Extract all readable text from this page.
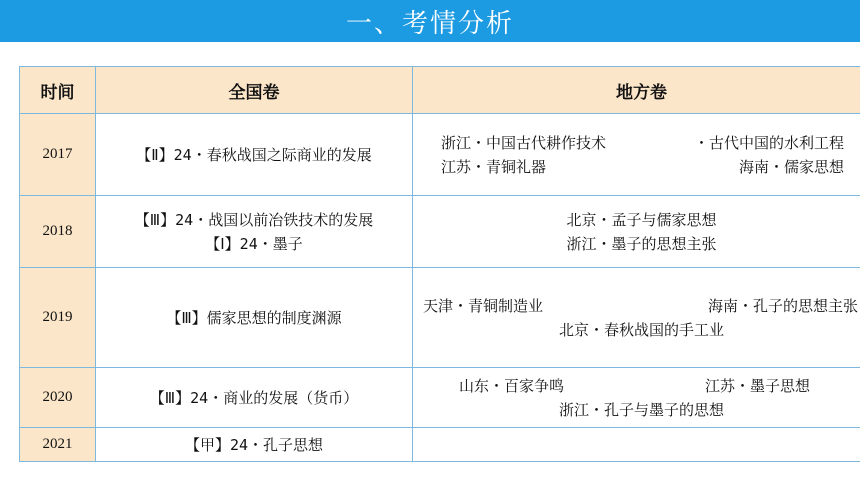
一、考情分析
时间	全国卷	地方卷
2017	【Ⅱ】24・春秋战国之际商业的发展	浙江・中国古代耕作技术 ・古代中国的水利工程
江苏・青铜礼器 海南・儒家思想

2018	【Ⅲ】24・战国以前冶铁技术的发展
【Ⅰ】24・墨子	北京・孟子与儒家思想
浙江・墨子的思想主张

2019	【Ⅲ】儒家思想的制度渊源	天津・青铜制造业 海南・孔子的思想主张
北京・春秋战国的手工业

2020	【Ⅲ】24・商业的发展（货币）	山东・百家争鸣 江苏・墨子思想
浙江・孔子与墨子的思想

2021	【甲】24・孔子思想	
